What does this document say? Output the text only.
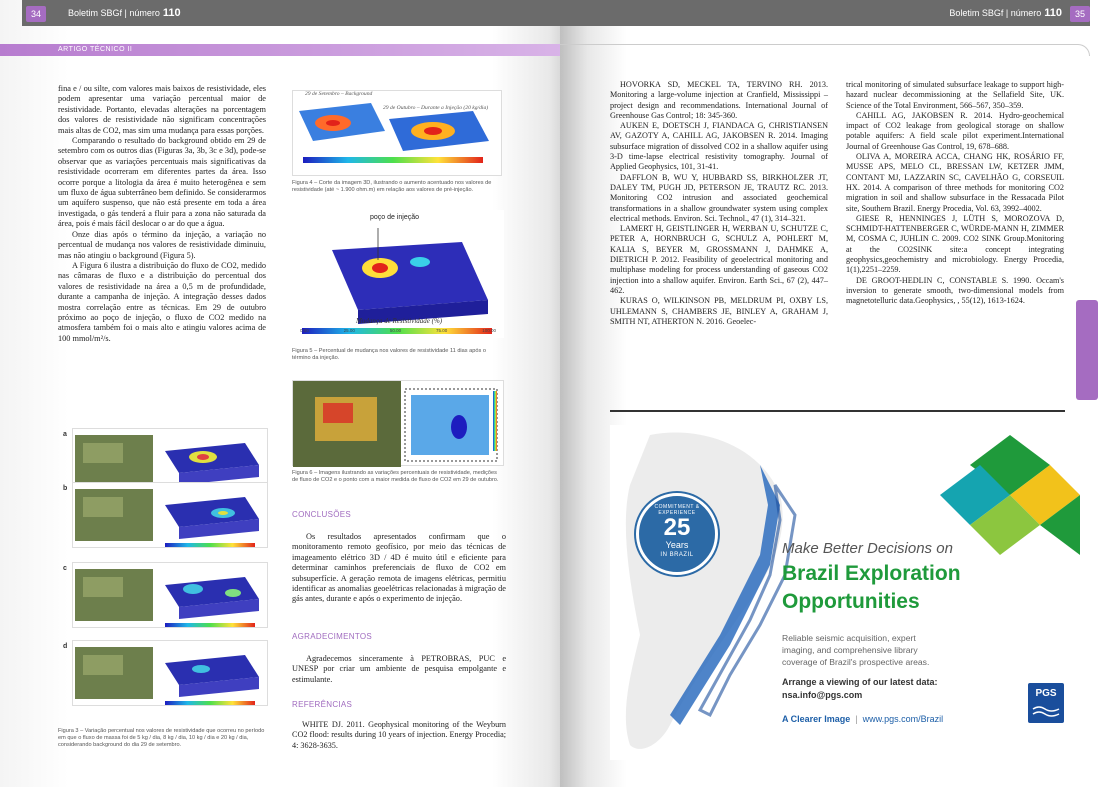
Boletim SBGf | número 110
34
ARTIGO TÉCNICO II

fina e / ou silte, com valores mais baixos de resistividade, eles podem apresentar uma variação percentual maior de resistividade. Portanto, elevadas alterações na porcentagem dos valores de resistividade não significam concentrações mais altas de CO2, mas sim uma mudança para essas porções.

Comparando o resultado do background obtido em 29 de setembro com os outros dias (Figuras 3a, 3b, 3c e 3d), pode-se observar que as variações percentuais mais significativas da resistividade ocorreram em diferentes partes da área. Isso ocorre porque a litologia da área é muito heterogênea e sem um fluxo de água subterrâneo bem definido. Se considerarmos um aquífero suspenso, que não está presente em toda a área investigada, o gás tenderá a fluir para a zona não saturada da área, pois é mais fácil deslocar o ar do que a água.

Onze dias após o término da injeção, a variação no percentual de mudança nos valores de resistividade diminuiu, mas não atingiu o background (Figura 5).

A Figura 6 ilustra a distribuição do fluxo de CO2, medido nas câmaras de fluxo e a distribuição do percentual dos valores de resistividade na área a 0,5 m de profundidade, durante a campanha de injeção. A integração desses dados mostra correlação entre as técnicas. Em 29 de outubro próximo ao poço de injeção, o fluxo de CO2 medido na atmosfera também foi o mais alto e atingiu valores acima de 100 mmol/m²/s.

a
b
c
d
Figura 3 – Variação percentual nos valores de resistividade que ocorreu no período em que o fluxo de massa foi de 5 kg / dia, 8 kg / dia, 10 kg / dia e 20 kg / dia, considerando background do dia 29 de setembro.
29 de Setembro – Background
29 de Outubro – Durante a Injeção (20 kg/dia)
Figura 4 – Corte da imagem 3D, ilustrando o aumento acentuado nos valores de resistividade (até ~ 1.900 ohm.m) em relação aos valores de pré-injeção.
poço de injeção
Mudança de Resistividade (%)
0.00	25.00	50.00	75.00	100.00
Figura 5 – Percentual de mudança nos valores de resistividade 11 dias após o término da injeção.
Figura 6 – Imagens ilustrando as variações percentuais de resistividade, medições de fluxo de CO2 e o ponto com a maior medida de fluxo de CO2 em 29 de outubro.
CONCLUSÕES
Os resultados apresentados confirmam que o monitoramento remoto geofísico, por meio das técnicas de imageamento elétrico 3D / 4D é muito útil e eficiente para determinar caminhos preferenciais de fluxo de CO2 em subsuperfície. A geração remota de imagens elétricas, permitiu identificar as anomalias geoelétricas relacionadas à migração de gás antes, durante e após o experimento de injeção.
AGRADECIMENTOS
Agradecemos sinceramente à PETROBRAS, PUC e UNESP por criar um ambiente de pesquisa empolgante e estimulante.
REFERÊNCIAS
WHITE DJ. 2011. Geophysical monitoring of the Weyburn CO2 flood: results during 10 years of injection. Energy Procedia; 4: 3628-3635.
Boletim SBGf | número 110	35

HOVORKA SD, MECKEL TA, TERVINO RH. 2013. Monitoring a large-volume injection at Cranfield, Mississippi – project design and recommendations. International Journal of Greenhouse Gas Control; 18: 345-360.

AUKEN E, DOETSCH J, FIANDACA G, CHRISTIANSEN AV, GAZOTY A, CAHILL AG, JAKOBSEN R. 2014. Imaging subsurface migration of dissolved CO2 in a shallow aquifer using 3-D time-lapse electrical resistivity tomography. Journal of Applied Geophysics, 101, 31-41.

DAFFLON B, WU Y, HUBBARD SS, BIRKHOLZER JT, DALEY TM, PUGH JD, PETERSON JE, TRAUTZ RC. 2013. Monitoring CO2 intrusion and associated geochemical transformations in a shallow groundwater system using complex electrical methods. Environ. Sci. Technol., 47 (1), 314–321.

LAMERT H, GEISTLINGER H, WERBAN U, SCHUTZE C, PETER A, HORNBRUCH G, SCHULZ A, POHLERT M, KALIA S, BEYER M, GROSSMANN J, DAHMKE A, DIETRICH P. 2012. Feasibility of geoelectrical monitoring and multiphase modeling for process understanding of gaseous CO2 injection into a shallow aquifer. Environ. Earth Sci., 67 (2), 447–462.

KURAS O, WILKINSON PB, MELDRUM PI, OXBY LS, UHLEMANN S, CHAMBERS JE, BINLEY A, GRAHAM J, SMITH NT, ATHERTON N. 2016. Geoelec-

trical monitoring of simulated subsurface leakage to support high-hazard nuclear decommissioning at the Sellafield Site, UK. Science of the Total Environment, 566–567, 350–359.

CAHILL AG, JAKOBSEN R. 2014. Hydro-geochemical impact of CO2 leakage from geological storage on shallow potable aquifers: A field scale pilot experiment.International Journal of Greenhouse Gas Control, 19, 678–688.

OLIVA A, MOREIRA ACCA, CHANG HK, ROSÁRIO FF, MUSSE APS, MELO CL, BRESSAN LW, KETZER JMM, CONTANT MJ, LAZZARIN SC, CAVELHÃO G, CORSEUIL HX. 2014. A comparison of three methods for monitoring CO2 migration in soil and shallow subsurface in the Ressacada Pilot site, Southern Brazil. Energy Procedia, Vol. 63, 3992–4002.

GIESE R, HENNINGES J, LÜTH S, MOROZOVA D, SCHMIDT-HATTENBERGER C, WÜRDE-MANN H, ZIMMER M, COSMA C, JUHLIN C. 2009. CO2 SINK Group.Monitoring at the CO2SINK site:a concept integrating geophysics,geochemistry and microbiology. Energy Procedia, 1(1),2251–2259.

DE GROOT-HEDLIN C, CONSTABLE S. 1990. Occam's inversion to generate smooth, two-dimensional models from magnetotelluric data.Geophysics, , 55(12), 1613-1624.

COMMITMENT & EXPERIENCE
25
Years
IN BRAZIL	Make Better Decisions on
Brazil Exploration
Opportunities
Reliable seismic acquisition, expert
imaging, and comprehensive library
coverage of Brazil's prospective areas.
Arrange a viewing of our latest data:
nsa.info@pgs.com
A Clearer Image  |  www.pgs.com/Brazil
PGS
